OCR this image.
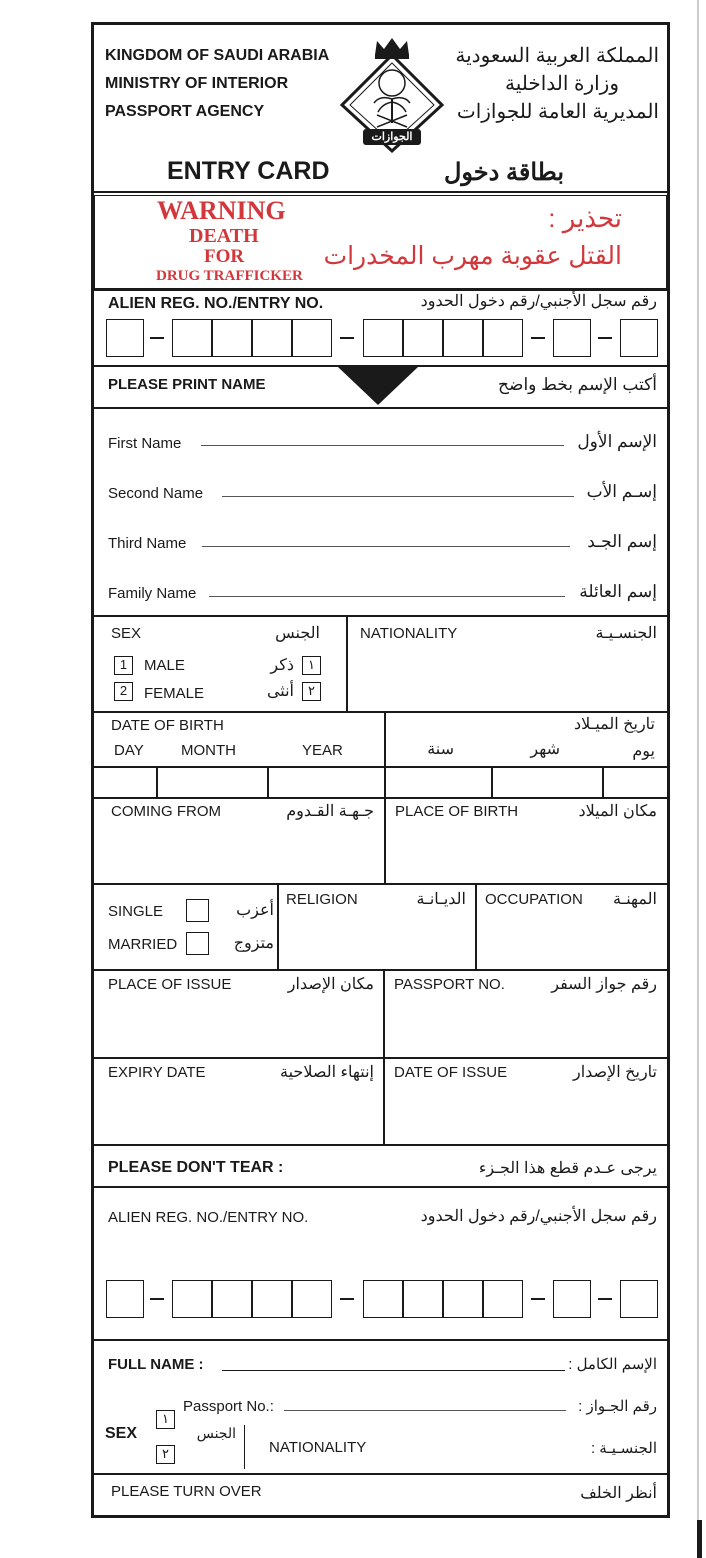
KINGDOM OF SAUDI ARABIA
MINISTRY OF INTERIOR
PASSPORT AGENCY
المملكة العربية السعودية
وزارة الداخلية
المديرية العامة للجوازات
الجوازات
ENTRY CARD	بطاقة دخول
WARNING
DEATH
FOR
DRUG TRAFFICKER
تحذير :
القتل عقوبة مهرب المخدرات
ALIEN REG. NO./ENTRY NO.	رقم سجل الأجنبي/رقم دخول الحدود
PLEASE PRINT NAME	أكتب الإسم بخط واضح
First Name	الإسم الأول
Second Name	إسـم الأب
Third Name	إسم الجـد
Family Name	إسم العائلة
SEX	الجنس
1	MALE	ذكر	١
2	FEMALE	أنثى	٢
NATIONALITY	الجنسـيـة
DATE OF BIRTH
DAY MONTH	YEAR
تاريخ الميـلاد
سنة	شهر	يوم
COMING FROM	جـهـة القـدوم PLACE OF BIRTH	مكان الميلاد
SINGLE	أعزب
MARRIED	متزوج
RELIGION	الديـانـة OCCUPATION المهنـة
PLACE OF ISSUE	مكان الإصدار PASSPORT NO.	رقم جواز السفر
EXPIRY DATE	إنتهاء الصلاحية DATE OF ISSUE	تاريخ الإصدار
PLEASE DON'T TEAR :	يرجى عـدم قطع هذا الجـزء
ALIEN REG. NO./ENTRY NO.	رقم سجل الأجنبي/رقم دخول الحدود
FULL NAME :	الإسم الكامل :
Passport No.:	رقم الجـواز :
SEX
١
٢
الجنس
NATIONALITY	الجنسـيـة :
PLEASE TURN OVER	أنظر الخلف
